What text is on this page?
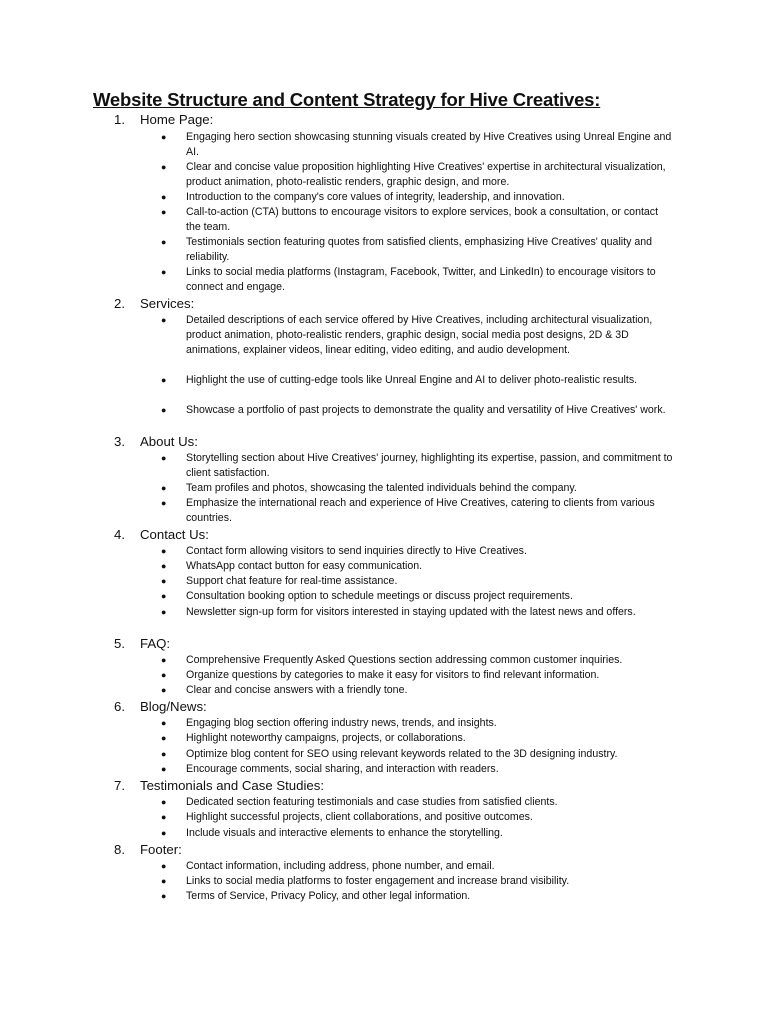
Website Structure and Content Strategy for Hive Creatives:
1.	Home Page:
● Engaging hero section showcasing stunning visuals created by Hive Creatives using Unreal Engine and AI.
● Clear and concise value proposition highlighting Hive Creatives' expertise in architectural visualization, product animation, photo-realistic renders, graphic design, and more.
● Introduction to the company's core values of integrity, leadership, and innovation.
● Call-to-action (CTA) buttons to encourage visitors to explore services, book a consultation, or contact the team.
● Testimonials section featuring quotes from satisfied clients, emphasizing Hive Creatives' quality and reliability.
● Links to social media platforms (Instagram, Facebook, Twitter, and LinkedIn) to encourage visitors to connect and engage.
2.	Services:
● Detailed descriptions of each service offered by Hive Creatives, including architectural visualization, product animation, photo-realistic renders, graphic design, social media post designs, 2D & 3D animations, explainer videos, linear editing, video editing, and audio development.
● Highlight the use of cutting-edge tools like Unreal Engine and AI to deliver photo-realistic results.
● Showcase a portfolio of past projects to demonstrate the quality and versatility of Hive Creatives' work.
3.	About Us:
● Storytelling section about Hive Creatives' journey, highlighting its expertise, passion, and commitment to client satisfaction.
● Team profiles and photos, showcasing the talented individuals behind the company.
● Emphasize the international reach and experience of Hive Creatives, catering to clients from various countries.
4.	Contact Us:
● Contact form allowing visitors to send inquiries directly to Hive Creatives.
● WhatsApp contact button for easy communication.
● Support chat feature for real-time assistance.
● Consultation booking option to schedule meetings or discuss project requirements.
● Newsletter sign-up form for visitors interested in staying updated with the latest news and offers.
5.	FAQ:
● Comprehensive Frequently Asked Questions section addressing common customer inquiries.
● Organize questions by categories to make it easy for visitors to find relevant information.
● Clear and concise answers with a friendly tone.
6.	Blog/News:
● Engaging blog section offering industry news, trends, and insights.
● Highlight noteworthy campaigns, projects, or collaborations.
● Optimize blog content for SEO using relevant keywords related to the 3D designing industry.
● Encourage comments, social sharing, and interaction with readers.
7.	Testimonials and Case Studies:
● Dedicated section featuring testimonials and case studies from satisfied clients.
● Highlight successful projects, client collaborations, and positive outcomes.
● Include visuals and interactive elements to enhance the storytelling.
8.	Footer:
● Contact information, including address, phone number, and email.
● Links to social media platforms to foster engagement and increase brand visibility.
● Terms of Service, Privacy Policy, and other legal information.
